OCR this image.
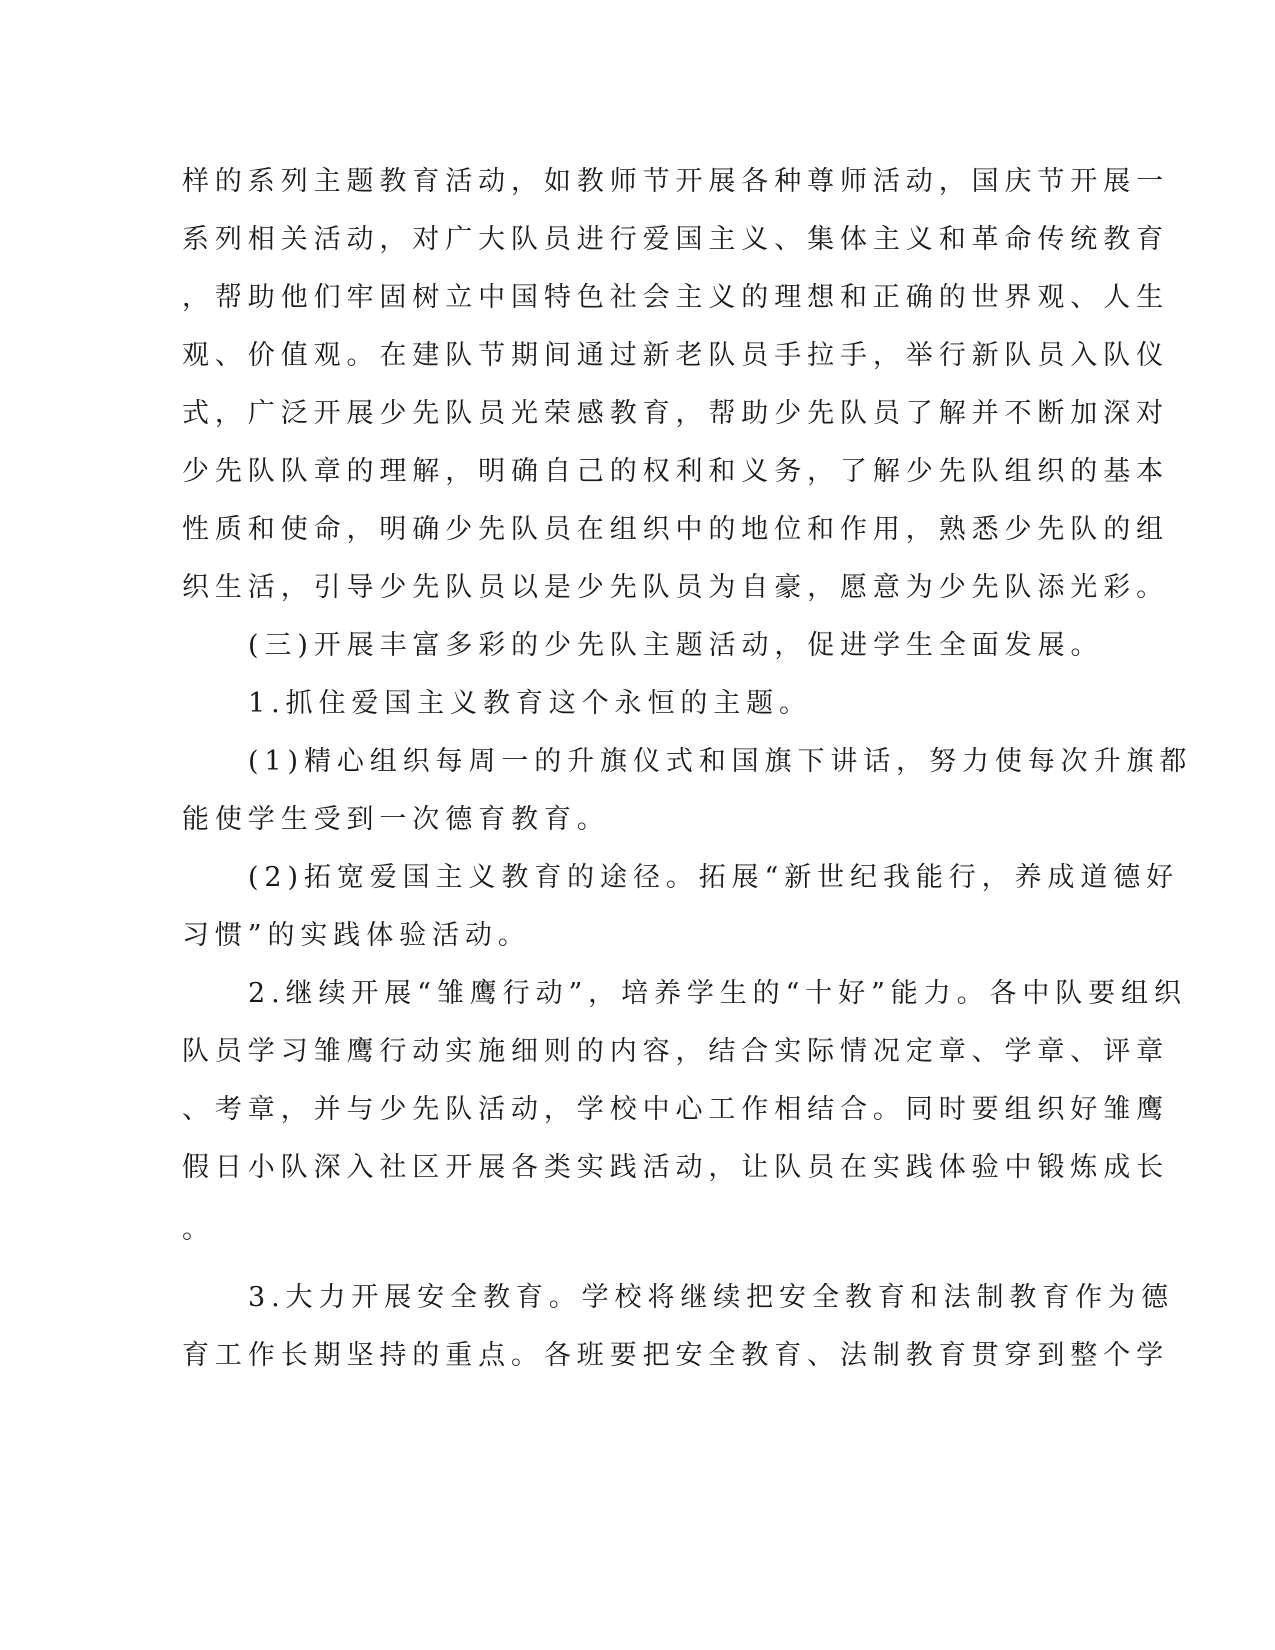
样的系列主题教育活动，如教师节开展各种尊师活动，国庆节开展一
系列相关活动，对广大队员进行爱国主义、集体主义和革命传统教育
，帮助他们牢固树立中国特色社会主义的理想和正确的世界观、人生
观、价值观。在建队节期间通过新老队员手拉手，举行新队员入队仪
式，广泛开展少先队员光荣感教育，帮助少先队员了解并不断加深对
少先队队章的理解，明确自己的权利和义务，了解少先队组织的基本
性质和使命，明确少先队员在组织中的地位和作用，熟悉少先队的组
织生活，引导少先队员以是少先队员为自豪，愿意为少先队添光彩。
(三)开展丰富多彩的少先队主题活动，促进学生全面发展。
1.抓住爱国主义教育这个永恒的主题。
(1)精心组织每周一的升旗仪式和国旗下讲话，努力使每次升旗都
能使学生受到一次德育教育。
(2)拓宽爱国主义教育的途径。拓展“新世纪我能行，养成道德好
习惯”的实践体验活动。
2.继续开展“雏鹰行动”，培养学生的“十好”能力。各中队要组织
队员学习雏鹰行动实施细则的内容，结合实际情况定章、学章、评章
、考章，并与少先队活动，学校中心工作相结合。同时要组织好雏鹰
假日小队深入社区开展各类实践活动，让队员在实践体验中锻炼成长
。
3.大力开展安全教育。学校将继续把安全教育和法制教育作为德
育工作长期坚持的重点。各班要把安全教育、法制教育贯穿到整个学
